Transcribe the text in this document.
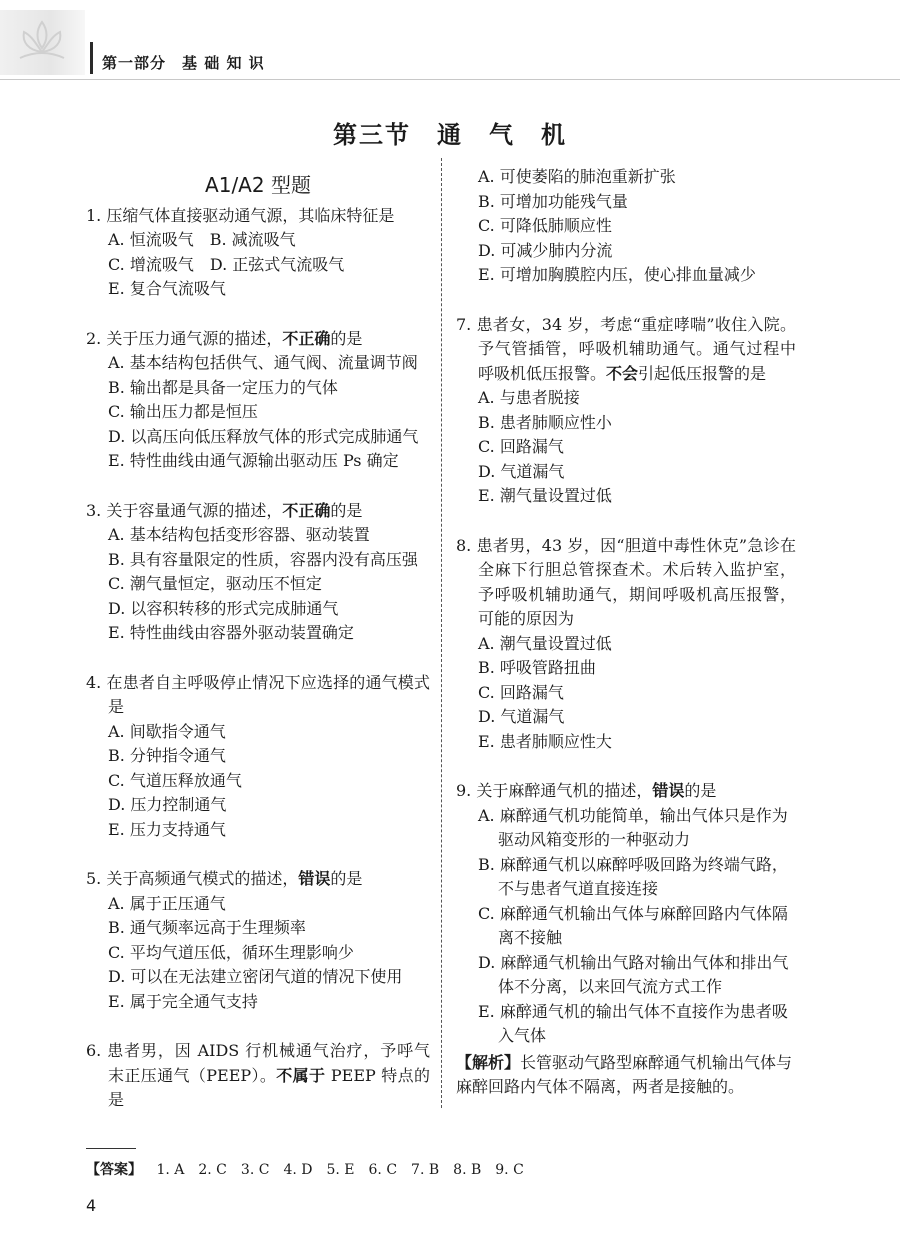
第一部分　基 础 知 识
第三节　通　气　机
A1/A2 型题
1. 压缩气体直接驱动通气源，其临床特征是
A. 恒流吸气　B. 减流吸气
C. 增流吸气　D. 正弦式气流吸气
E. 复合气流吸气
2. 关于压力通气源的描述，不正确的是
A. 基本结构包括供气、通气阀、流量调节阀
B. 输出都是具备一定压力的气体
C. 输出压力都是恒压
D. 以高压向低压释放气体的形式完成肺通气
E. 特性曲线由通气源输出驱动压 Ps 确定
3. 关于容量通气源的描述，不正确的是
A. 基本结构包括变形容器、驱动装置
B. 具有容量限定的性质，容器内没有高压强
C. 潮气量恒定，驱动压不恒定
D. 以容积转移的形式完成肺通气
E. 特性曲线由容器外驱动装置确定
4. 在患者自主呼吸停止情况下应选择的通气模式是
A. 间歇指令通气
B. 分钟指令通气
C. 气道压释放通气
D. 压力控制通气
E. 压力支持通气
5. 关于高频通气模式的描述，错误的是
A. 属于正压通气
B. 通气频率远高于生理频率
C. 平均气道压低，循环生理影响少
D. 可以在无法建立密闭气道的情况下使用
E. 属于完全通气支持
6. 患者男，因 AIDS 行机械通气治疗，予呼气末正压通气（PEEP）。不属于 PEEP 特点的是
A. 可使萎陷的肺泡重新扩张
B. 可增加功能残气量
C. 可降低肺顺应性
D. 可减少肺内分流
E. 可增加胸膜腔内压，使心排血量减少
7. 患者女，34 岁，考虑“重症哮喘”收住入院。予气管插管，呼吸机辅助通气。通气过程中呼吸机低压报警。不会引起低压报警的是
A. 与患者脱接
B. 患者肺顺应性小
C. 回路漏气
D. 气道漏气
E. 潮气量设置过低
8. 患者男，43 岁，因“胆道中毒性休克”急诊在全麻下行胆总管探查术。术后转入监护室，予呼吸机辅助通气，期间呼吸机高压报警，可能的原因为
A. 潮气量设置过低
B. 呼吸管路扭曲
C. 回路漏气
D. 气道漏气
E. 患者肺顺应性大
9. 关于麻醉通气机的描述，错误的是
A. 麻醉通气机功能简单，输出气体只是作为驱动风箱变形的一种驱动力
B. 麻醉通气机以麻醉呼吸回路为终端气路，不与患者气道直接连接
C. 麻醉通气机输出气体与麻醉回路内气体隔离不接触
D. 麻醉通气机输出气路对输出气体和排出气体不分离，以来回气流方式工作
E. 麻醉通气机的输出气体不直接作为患者吸入气体
【解析】长管驱动气路型麻醉通气机输出气体与麻醉回路内气体不隔离，两者是接触的。
【答案】 1. A 2. C 3. C 4. D 5. E 6. C 7. B 8. B 9. C
4
